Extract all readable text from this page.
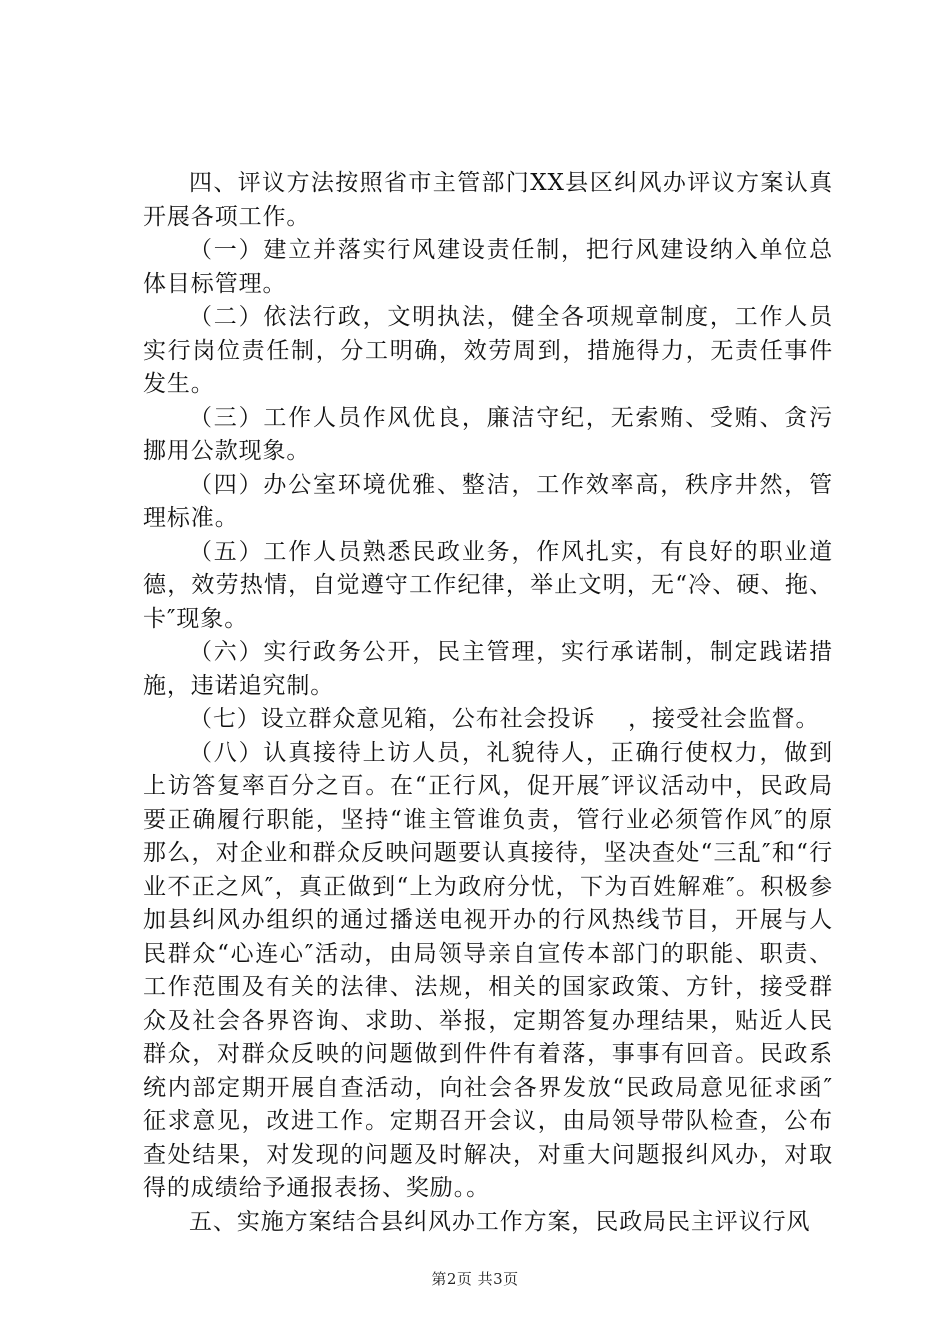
四、评议方法按照省市主管部门XX县区纠风办评议方案认真开展各项工作。

（一）建立并落实行风建设责任制，把行风建设纳入单位总体目标管理。

（二）依法行政，文明执法，健全各项规章制度，工作人员实行岗位责任制，分工明确，效劳周到，措施得力，无责任事件发生。

（三）工作人员作风优良，廉洁守纪，无索贿、受贿、贪污挪用公款现象。

（四）办公室环境优雅、整洁，工作效率高，秩序井然，管理标准。

（五）工作人员熟悉民政业务，作风扎实，有良好的职业道德，效劳热情，自觉遵守工作纪律，举止文明，无“冷、硬、拖、卡″现象。

（六）实行政务公开，民主管理，实行承诺制，制定践诺措施，违诺追究制。

（七）设立群众意见箱，公布社会投诉    ，接受社会监督。

（八）认真接待上访人员，礼貌待人，正确行使权力，做到上访答复率百分之百。在“正行风，促开展″评议活动中，民政局要正确履行职能，坚持“谁主管谁负责，管行业必须管作风″的原那么，对企业和群众反映问题要认真接待，坚决查处“三乱″和“行业不正之风″，真正做到“上为政府分忧，下为百姓解难″。积极参加县纠风办组织的通过播送电视开办的行风热线节目，开展与人民群众“心连心″活动，由局领导亲自宣传本部门的职能、职责、工作范围及有关的法律、法规，相关的国家政策、方针，接受群众及社会各界咨询、求助、举报，定期答复办理结果，贴近人民群众，对群众反映的问题做到件件有着落，事事有回音。民政系统内部定期开展自查活动，向社会各界发放“民政局意见征求函″征求意见，改进工作。定期召开会议，由局领导带队检查，公布查处结果，对发现的问题及时解决，对重大问题报纠风办，对取得的成绩给予通报表扬、奖励。。

五、实施方案结合县纠风办工作方案，民政局民主评议行风

第2页 共3页
